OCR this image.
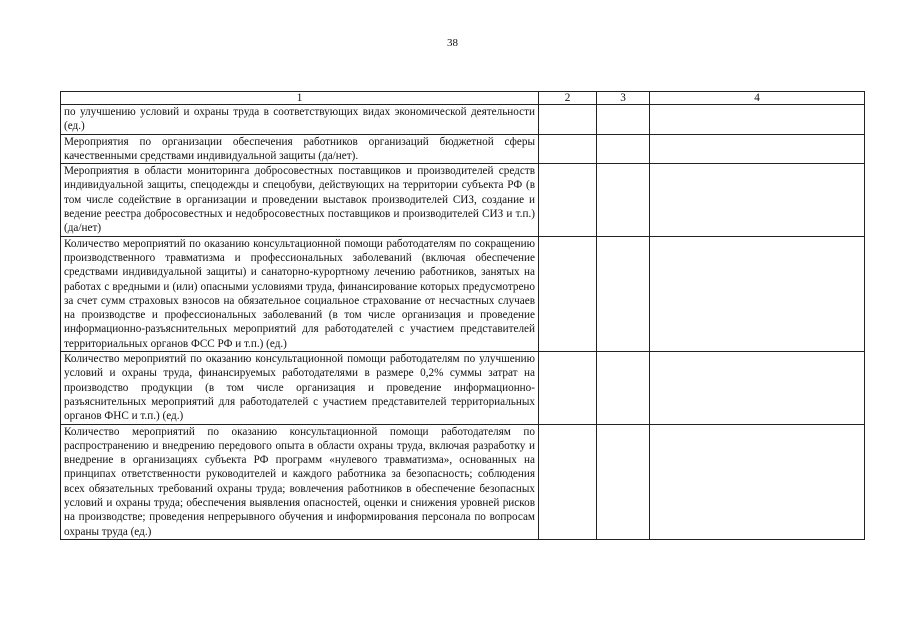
38
1	2	3	4
по улучшению условий и охраны труда в соответствующих видах экономической деятельности (ед.)			
Мероприятия по организации обеспечения работников организаций бюджетной сферы качественными средствами индивидуальной защиты (да/нет).			
Мероприятия в области мониторинга добросовестных поставщиков и производителей средств индивидуальной защиты, спецодежды и спецобуви, действующих на территории субъекта РФ (в том числе содействие в организации и проведении выставок производителей СИЗ, создание и ведение реестра добросовестных и недобросовестных поставщиков и производителей СИЗ и т.п.) (да/нет)			
Количество мероприятий по оказанию консультационной помощи работодателям по сокращению производственного травматизма и профессиональных заболеваний (включая обеспечение средствами индивидуальной защиты) и санаторно-курортному лечению работников, занятых на работах с вредными и (или) опасными условиями труда, финансирование которых предусмотрено за счет сумм страховых взносов на обязательное социальное страхование от несчастных случаев на производстве и профессиональных заболеваний (в том числе организация и проведение информационно-разъяснительных мероприятий для работодателей с участием представителей территориальных органов ФСС РФ и т.п.) (ед.)			
Количество мероприятий по оказанию консультационной помощи работодателям по улучшению условий и охраны труда, финансируемых работодателями в размере 0,2% суммы затрат на производство продукции (в том числе организация и проведение информационно-разъяснительных мероприятий для работодателей с участием представителей территориальных органов ФНС и т.п.) (ед.)			
Количество мероприятий по оказанию консультационной помощи работодателям по распространению и внедрению передового опыта в области охраны труда, включая разработку и внедрение в организациях субъекта РФ программ «нулевого травматизма», основанных на принципах ответственности руководителей и каждого работника за безопасность; соблюдения всех обязательных требований охраны труда; вовлечения работников в обеспечение безопасных условий и охраны труда; обеспечения выявления опасностей, оценки и снижения уровней рисков на производстве; проведения непрерывного обучения и информирования персонала по вопросам охраны труда (ед.)			
